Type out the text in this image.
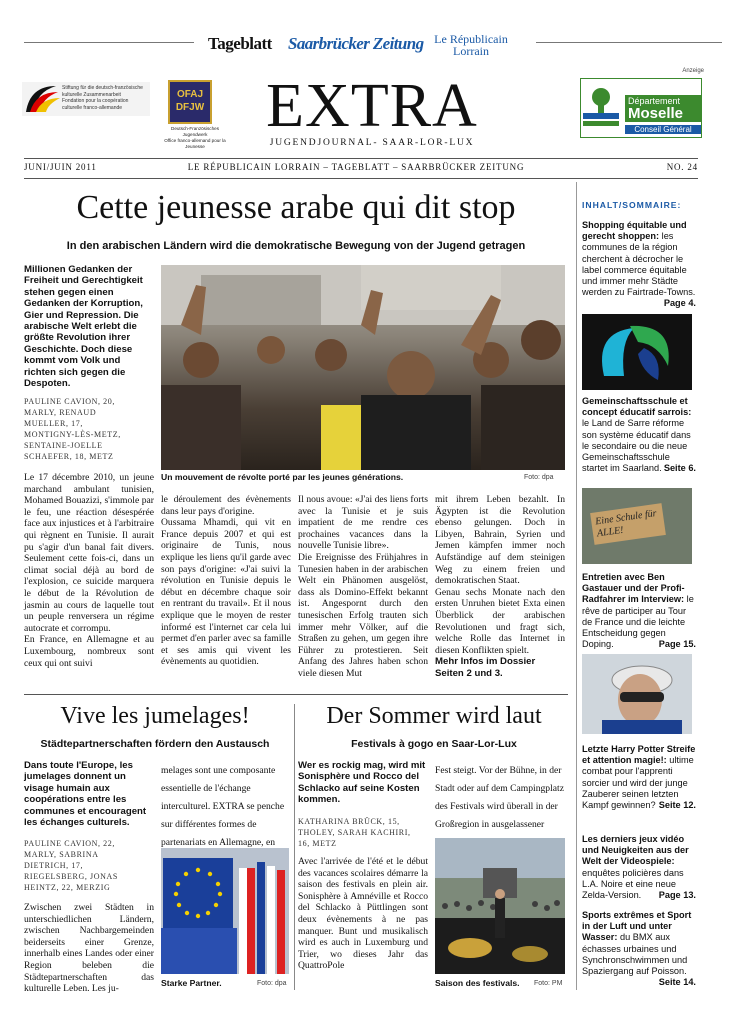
Tageblatt Saarbrücker Zeitung Le Républicain Lorrain
Stiftung für die deutsch-französische
kulturelle Zusammenarbeit
Fondation pour la coopération
culturelle franco-allemande
OFAJ DFJW
Deutsch-Französisches Jugendwerk
Office franco-allemand pour la Jeunesse
EXTRA
JUGENDJOURNAL- SAAR-LOR-LUX
Anzeige
Département
Moselle
Conseil Général
JUNI/JUIN 2011	LE RÉPUBLICAIN LORRAIN – TAGEBLATT – SAARBRÜCKER ZEITUNG	NO. 24
Cette jeunesse arabe qui dit stop
In den arabischen Ländern wird die demokratische Bewegung von der Jugend getragen
Millionen Gedanken der Freiheit und Gerechtigkeit stehen gegen einen Gedanken der Korruption, Gier und Repression. Die arabische Welt erlebt die größte Revolution ihrer Geschichte. Doch diese kommt vom Volk und richten sich gegen die Despoten.
PAULINE CAVION, 20,
MARLY, RENAUD
MUELLER, 17,
MONTIGNY-LÈS-METZ,
SENTAINE-JOELLE
SCHAEFER, 18, METZ
Un mouvement de révolte porté par les jeunes générations.	Foto: dpa
Le 17 décembre 2010, un jeune marchand ambulant tunisien, Mohamed Bouazizi, s'immole par le feu, une réaction désespérée face aux injustices et à l'arbitraire qui règnent en Tunisie. Il aurait pu s'agir d'un banal fait divers. Seulement cette fois-ci, dans un climat social déjà au bord de l'explosion, ce suicide marquera le début de la Révolution de jasmin au cours de laquelle tout un peuple renversera un régime autocrate et corrompu.
En France, en Allemagne et au Luxembourg, nombreux sont ceux qui ont suivi
le déroulement des évènements dans leur pays d'origine.
Oussama Mhamdi, qui vit en France depuis 2007 et qui est originaire de Tunis, nous explique les liens qu'il garde avec son pays d'origine: «J'ai suivi la révolution en Tunisie depuis le début en décembre chaque soir en rentrant du travail». Et il nous explique que le moyen de rester informé est l'internet car cela lui permet d'en parler avec sa famille et ses amis qui vivent les évènements au quotidien.
Il nous avoue: «J'ai des liens forts avec la Tunisie et je suis impatient de me rendre ces prochaines vacances dans la nouvelle Tunisie libre».
Die Ereignisse des Frühjahres in Tunesien haben in der arabischen Welt ein Phänomen ausgelöst, dass als Domino-Effekt bekannt ist. Angespornt durch den tunesischen Erfolg trauten sich immer mehr Völker, auf die Straßen zu gehen, um gegen ihre Führer zu protestieren. Seit Anfang des Jahres haben schon viele diesen Mut
mit ihrem Leben bezahlt. In Ägypten ist die Revolution ebenso gelungen. Doch in Libyen, Bahrain, Syrien und Jemen kämpfen immer noch Aufständige auf dem steinigen Weg zu einem freien und demokratischen Staat.
Genau sechs Monate nach den ersten Unruhen bietet Exta einen Überblick der arabischen Revolutionen und fragt sich, welche Rolle das Internet in diesen Konflikten spielt.
Mehr Infos im Dossier Seiten 2 und 3.
Vive les jumelages!
Städtepartnerschaften fördern den Austausch
Dans toute l'Europe, les jumelages donnent un visage humain aux coopérations entre les communes et encouragent les échanges culturels.
PAULINE CAVION, 22,
MARLY, SABRINA
DIETRICH, 17,
RIEGELSBERG, JONAS
HEINTZ, 22, MERZIG
Zwischen zwei Städten in unterschiedlichen Ländern, zwischen Nachbargemeinden beiderseits einer Grenze, innerhalb eines Landes oder einer Region beleben die Städtepartnerschaften das kulturelle Leben. Les ju-
melages sont une composante essentielle de l'échange interculturel. EXTRA se penche sur différentes formes de partenariats en Allemagne, en
Starke Partner.	Foto: dpa
Der Sommer wird laut
Festivals à gogo en Saar-Lor-Lux
Wer es rockig mag, wird mit Sonisphère und Rocco del Schlacko auf seine Kosten kommen.
KATHARINA BRÜCK, 15,
THOLEY, SARAH KACHIRI,
16, METZ
Avec l'arrivée de l'été et le début des vacances scolaires démarre la saison des festivals en plein air. Sonisphère à Amnéville et Rocco del Schlacko à Püttlingen sont deux évènements à ne pas manquer. Bunt und musikalisch wird es auch in Luxemburg und Trier, wo dieses Jahr das QuattroPole
Fest steigt. Vor der Bühne, in der Stadt oder auf dem Campingplatz des Festivals wird überall in der Großregion in ausgelassener
Saison des festivals. Foto: PM
INHALT/SOMMAIRE:
Shopping équitable und gerecht shoppen: les communes de la région cherchent à décrocher le label commerce équitable und immer mehr Städte werden zu Fairtrade-Towns.
Page 4.
Gemeinschaftsschule et concept éducatif sarrois: le Land de Sarre réforme son système éducatif dans le secondaire ou die neue Gemeinschaftsschule startet im Saarland. Seite 6.
Eine Schule für ALLE!
Entretien avec Ben Gastauer und der Profi-Radfahrer im Interview: le rêve de participer au Tour de France und die leichte Entscheidung gegen Doping.	Page 15.
Letzte Harry Potter Streife et attention magie!: ultime combat pour l'apprenti sorcier und wird der junge Zauberer seinen letzten Kampf gewinnen? Seite 12.
Les derniers jeux vidéo und Neuigkeiten aus der Welt der Videospiele: enquêtes policières dans L.A. Noire et eine neue Zelda-Version. Page 13.
Sports extrêmes et Sport in der Luft und unter Wasser: du BMX aux échasses urbaines und Synchronschwimmen und Spaziergang auf Poisson.
Seite 14.
